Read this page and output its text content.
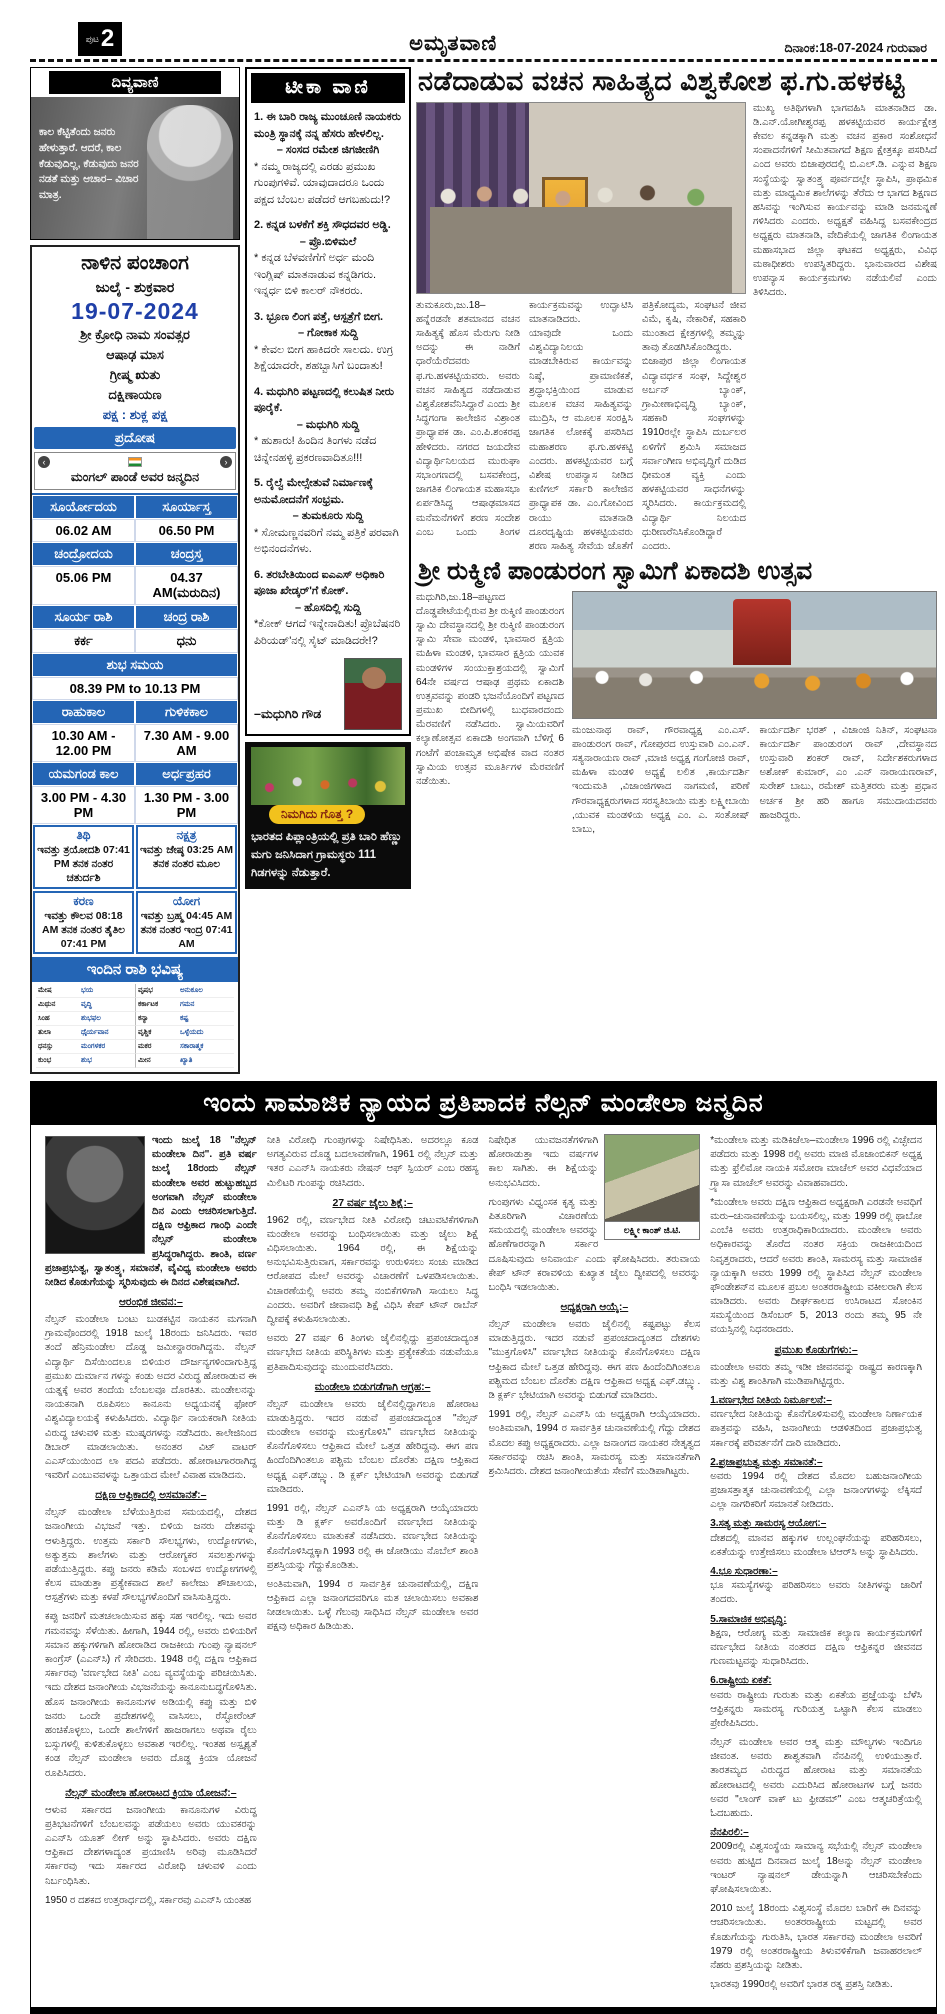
ಪುಟ 2	ಅಮೃತವಾಣಿ	ದಿನಾಂಕ:18-07-2024 ಗುರುವಾರ
ದಿವ್ಯವಾಣಿ
ಕಾಲ ಕೆಟ್ಟಿತೆಂದು ಜನರು ಹೇಳುತ್ತಾರೆ. ಆದರೆ, ಕಾಲ ಕೆಡುವುದಿಲ್ಲ, ಕೆಡುವುದು ಜನರ ನಡತೆ ಮತ್ತು ಆಚಾರ– ವಿಚಾರ ಮಾತ್ರ.
ನಾಳಿನ ಪಂಚಾಂಗ
ಜುಲೈ - ಶುಕ್ರವಾರ
19-07-2024
ಶ್ರೀ ಕ್ರೋಧಿ ನಾಮ ಸಂವತ್ಸರ
ಆಷಾಢ ಮಾಸ
ಗ್ರೀಷ್ಮ ಋತು
ದಕ್ಷಿಣಾಯಣ
ಪಕ್ಷ : ಶುಕ್ಲ ಪಕ್ಷ
ಪ್ರದೋಷ
‹	›
ಮಂಗಲ್ ಪಾಂಡೆ ಅವರ ಜನ್ಮದಿನ
ಸೂರ್ಯೋದಯ	ಸೂರ್ಯಾಸ್ತ
06.02 AM	06.50 PM
ಚಂದ್ರೋದಯ	ಚಂದ್ರಸ್ತ
05.06 PM	04.37 AM(ಮರುದಿನ)
ಸೂರ್ಯ ರಾಶಿ	ಚಂದ್ರ ರಾಶಿ
ಕರ್ಕ	ಧನು
ಶುಭ ಸಮಯ
08.39 PM to 10.13 PM
ರಾಹುಕಾಲ	ಗುಳಿಕಕಾಲ
10.30 AM - 12.00 PM
7.30 AM - 9.00 AM
ಯಮಗಂಡ ಕಾಲ	ಅರ್ಧಪ್ರಹರ
3.00 PM - 4.30 PM
1.30 PM - 3.00 PM
ತಿಥಿ
ಇವತ್ತು ತ್ರಯೋದಶಿ 07:41 PM ತನಕ ನಂತರ ಚತುರ್ದಶಿ
ನಕ್ಷತ್ರ
ಇವತ್ತು ಜೇಷ್ಠ 03:25 AM ತನಕ ನಂತರ ಮೂಲ
ಕರಣ
ಇವತ್ತು ಕೌಲವ 08:18 AM ತನಕ ನಂತರ ತೈತಿಲ 07:41 PM
ಯೋಗ
ಇವತ್ತು ಬ್ರಹ್ಮ 04:45 AM ತನಕ ನಂತರ ಇಂದ್ರ 07:41 AM
ಇಂದಿನ ರಾಶಿ ಭವಿಷ್ಯ
ಮೇಷ	ಭಯ	ವೃಷಭ	ಅನುಕೂಲ
ಮಿಥುನ	ವೃದ್ಧಿ	ಕರ್ಕಾಟಕ	ಗಮನ
ಸಿಂಹ	ಶುಭಫಲ	ಕನ್ಯಾ	ಕಷ್ಟ
ತುಲಾ	ಧೈರ್ಯವಾನ	ವೃಶ್ಚಿಕ	ಒಳ್ಳೆಯದು
ಧನಸ್ಸು	ಮಂಗಳಕರ	ಮಕರ	ಸಕಾರಾತ್ಮಕ
ಕುಂಭ	ಶುಭ	ಮೀನ	ಖ್ಯಾತಿ
ಟೀಕಾ ವಾಣಿ
1. ಈ ಬಾರಿ ರಾಜ್ಯ ಮುಂಚೂಣಿ ನಾಯಕರು ಮಂತ್ರಿ ಸ್ಥಾನಕ್ಕೆ ನನ್ನ ಹೆಸರು ಹೇಳಲಿಲ್ಲ.
– ಸಂಸದ ರಮೇಶ ಜಿಗಜೀಣಿಗಿ
* ನಮ್ಮ ರಾಜ್ಯದಲ್ಲಿ ಎರಡು ಪ್ರಮುಖ ಗುಂಪುಗಳಿವೆ. ಯಾವುದಾದರೂ ಒಂದು ಪಕ್ಷದ ಬೆಂಬಲ ಪಡೆದರೆ ಆಗಬಹುದು!?
2. ಕನ್ನಡ ಬಳಕೆಗೆ ಶಕ್ತಿ ಸೌಧದವರ ಅಡ್ಡಿ.
– ಪ್ರೊ.ಬಿಳಿಮಲೆ
* ಕನ್ನಡ ಬೆಳವಣಿಗೆಗೆ ಅರ್ಧ ಮಂದಿ ಇಂಗ್ಲಿಷ್ ಮಾತನಾಡುವ ಕನ್ನಡಿಗರು. ಇನ್ನರ್ಧ ಬಿಳಿ ಕಾಲರ್ ನೌಕರರು.
3. ಭ್ರೂಣ ಲಿಂಗ ಪತ್ತೆ, ಆಸ್ಪತ್ರೆಗೆ ಬೀಗ.
– ಗೋಕಾಕ ಸುದ್ದಿ
* ಕೇವಲ ಬೀಗ ಹಾಕಿದರೇ ಸಾಲದು. ಉಗ್ರ ಶಿಕ್ಷೆಯಾದರೇ, ಶಹಬ್ಬಾಸಿಗೆ ಬಂದಾತು!
4. ಮಧುಗಿರಿ ಪಟ್ಟಣದಲ್ಲಿ ಕಲುಷಿತ ನೀರು ಪೂರೈಕೆ.
– ಮಧುಗಿರಿ ಸುದ್ದಿ
* ಹುಶಾರು! ಹಿಂದಿನ ತಿಂಗಳು ನಡೆದ ಚಿನ್ನೇನಹಳ್ಳಿ ಪ್ರಕರಣವಾದಿತೂ!!!
5. ರೈಲ್ವೆ ಮೇಲ್ಸೇತುವೆ ನಿರ್ಮಾಣಕ್ಕೆ ಅನುಮೋದನೆಗೆ ಸಂಭ್ರಮ.
– ತುಮಕೂರು ಸುದ್ದಿ
* ಸೋಮಣ್ಣನವರಿಗೆ ನಮ್ಮ ಪತ್ರಿಕೆ ಪರವಾಗಿ ಅಭಿನಂದನೆಗಳು.
6. ತರಬೇತಿಯಿಂದ ಐಎಎಸ್ ಅಧಿಕಾರಿ ಪೂಜಾ ಖೇಡ್ಕರ್'ಗೆ ಕೋಕ್.
– ಹೊಸದಿಲ್ಲಿ ಸುದ್ದಿ
*ಕೋಕ್ ಆಗದೆ ಇನ್ನೇನಾದಿತು! ಪ್ರೊಬೆಷನರಿ ಪಿರಿಯಡ್'ನಲ್ಲಿ ಸೈಟ್ ಮಾಡಿದರೇ!?
–ಮಧುಗಿರಿ ಗೌಡ
ನಿಮಗಿದು ಗೊತ್ತ ?
ಭಾರತದ ಪಿಪ್ಲಾಂತ್ರಿಯಲ್ಲಿ ಪ್ರತಿ ಬಾರಿ ಹೆಣ್ಣು ಮಗು ಜನಿಸಿದಾಗ ಗ್ರಾಮಸ್ಥರು 111 ಗಿಡಗಳನ್ನು ನೆಡುತ್ತಾರೆ.
ನಡೆದಾಡುವ ವಚನ ಸಾಹಿತ್ಯದ ವಿಶ್ವಕೋಶ ಫ.ಗು.ಹಳಕಟ್ಟಿ

ತುಮಕೂರು,ಜು.18– ಹನ್ನೆರಡನೇ ಶತಮಾನದ ವಚನ ಸಾಹಿತ್ಯಕ್ಕೆ ಹೊಸ ಮೆರುಗು ನೀಡಿ ಅದನ್ನು ಈ ನಾಡಿಗೆ ಧಾರೆಯೆರೆದವರು ಫ.ಗು.ಹಳಕಟ್ಟಿಯವರು. ಅವರು ವಚನ ಸಾಹಿತ್ಯದ ನಡೆದಾಡುವ ವಿಶ್ವಕೋಶವೆನಿಸಿದ್ದಾರೆ ಎಂದು ಶ್ರೀ ಸಿದ್ಧಗಂಗಾ ಕಾಲೇಜಿನ ವಿಶ್ರಾಂತ ಪ್ರಾಧ್ಯಾಪಕ ಡಾ. ಎಂ.ಪಿ.ಶಂಕರಪ್ಪ ಹೇಳಿದರು. ನಗರದ ಜಯದೇವ ವಿದ್ಯಾರ್ಥಿನಿಲಯದ ಮುರುಘಾ ಸಭಾಂಗಣದಲ್ಲಿ ಬಸವಕೇಂದ್ರ, ಜಾಗತಿಕ ಲಿಂಗಾಯತ ಮಹಾಸಭಾ ಏರ್ಪಡಿಸಿದ್ದ ಆಷಾಢಮಾಸದ ಮನೆಮನೆಗಳಿಗೆ ಶರಣ ಸಂದೇಶ ಎಂಬ ಒಂದು ತಿಂಗಳ ಕಾರ್ಯಕ್ರಮವನ್ನು ಉದ್ಘಾಟಿಸಿ ಮಾತನಾಡಿದರು.

ಯಾವುದೇ ಒಂದು ವಿಶ್ವವಿದ್ಯಾನಿಲಯ ಮಾಡಬೇಕಿರುವ ಕಾರ್ಯವನ್ನು ನಿಷ್ಠೆ, ಪ್ರಾಮಾಣಿಕತೆ, ಶ್ರದ್ಧಾಭಕ್ತಿಯಿಂದ ಮಾಡುವ ಮೂಲಕ ವಚನ ಸಾಹಿತ್ಯವನ್ನು ಮುದ್ರಿಸಿ, ಆ ಮೂಲಕ ಸಂರಕ್ಷಿಸಿ ಜಾಗತಿಕ ಲೋಕಕ್ಕೆ ಪಸರಿಸಿದ ಮಹಾಶರಣ ಫ.ಗು.ಹಳಕಟ್ಟಿ ಎಂದರು. ಹಳಕಟ್ಟಿಯವರ ಬಗ್ಗೆ ವಿಶೇಷ ಉಪನ್ಯಾಸ ನೀಡಿದ ಕುಣಿಗಲ್ ಸರ್ಕಾರಿ ಕಾಲೇಜಿನ ಪ್ರಾಧ್ಯಾಪಕ ಡಾ. ಎಂ.ಗೋವಿಂದ ರಾಯು ಮಾತನಾಡಿ ದೂರದೃಷ್ಟಿಯ ಹಳಕಟ್ಟಿಯವರು ಶರಣ ಸಾಹಿತ್ಯ ಸೇವೆಯ ಜೊತೆಗೆ ಪತ್ರಿಕೋದ್ಯಮ, ಸಂಘಟನೆ ಜೀವ ವಿಮೆ, ಕೃಷಿ, ನೇಕಾರಿಕೆ, ಸಹಕಾರಿ ಮುಂತಾದ ಕ್ಷೇತ್ರಗಳಲ್ಲಿ ತಮ್ಮನ್ನು ತಾವು ತೊಡಗಿಸಿಕೊಂಡಿದ್ದರು.

ಬಿಜಾಪುರ ಜಿಲ್ಲಾ ಲಿಂಗಾಯತ ವಿದ್ಯಾವರ್ಧಕ ಸಂಘ, ಸಿದ್ದೇಶ್ವರ ಅರ್ಬನ್ ಬ್ಯಾಂಕ್, ಗ್ರಾಮೀಣಾಭಿವೃದ್ಧಿ ಬ್ಯಾಂಕ್, ಸಹಕಾರಿ ಸಂಘಗಳನ್ನು 1910ರಲ್ಲೇ ಸ್ಥಾಪಿಸಿ ದುರ್ಬಲರ ಏಳಿಗೆಗೆ ಶ್ರಮಿಸಿ ಸಮಾಜದ ಸರ್ವಾಂಗೀಣ ಅಭಿವೃದ್ಧಿಗೆ ದುಡಿದ ಧೀಮಂತ ವ್ಯಕ್ತಿ ಎಂದು ಹಳಕಟ್ಟಿಯವರ ಸಾಧನೆಗಳನ್ನು ಸ್ಮರಿಸಿದರು. ಕಾರ್ಯಕ್ರಮದಲ್ಲಿ ವಿದ್ಯಾರ್ಥಿ ನಿಲಯದ ಧುರೀಣರೆನಿಸಿಕೊಂಡಿದ್ದಾರೆ ಎಂದರು.

ಮುಖ್ಯ ಅತಿಥಿಗಳಾಗಿ ಭಾಗವಹಿಸಿ ಮಾತನಾಡಿದ ಡಾ. ಡಿ.ಎನ್.ಯೋಗೀಶ್ವರಪ್ಪ ಹಳಕಟ್ಟಿಯವರ ಕಾರ್ಯಕ್ಷೇತ್ರ ಕೇವಲ ಕನ್ನಡಕ್ಕಾಗಿ ಮತ್ತು ವಚನ ಪ್ರಕಾರ ಸಂಶೋಧನೆ ಸಂಪಾದನೆಗಳಿಗೆ ಸೀಮಿತವಾಗದೆ ಶಿಕ್ಷಣ ಕ್ಷೇತ್ರಕ್ಕೂ ಪಸರಿಸಿದೆ ಎಂದ ಅವರು ಬಿಜಾಪುರದಲ್ಲಿ ಬಿ.ಎಲ್.ಡಿ. ಎನ್ನುವ ಶಿಕ್ಷಣ ಸಂಸ್ಥೆಯನ್ನು ಸ್ವಾತಂತ್ರ್ಯ ಪೂರ್ವದಲ್ಲೇ ಸ್ಥಾಪಿಸಿ, ಪ್ರಾಥಮಿಕ ಮತ್ತು ಮಾಧ್ಯಮಿಕ ಶಾಲೆಗಳನ್ನು ತೆರೆದು ಆ ಭಾಗದ ಶಿಕ್ಷಣದ ಹಸಿವನ್ನು ಇಂಗಿಸುವ ಕಾರ್ಯವನ್ನು ಮಾಡಿ ಜನಮನ್ನಣೆ ಗಳಿಸಿದರು ಎಂದರು. ಅಧ್ಯಕ್ಷತೆ ವಹಿಸಿದ್ದ ಬಸವಕೇಂದ್ರದ ಅಧ್ಯಕ್ಷರು ಮಾತನಾಡಿ, ವೇದಿಕೆಯಲ್ಲಿ ಜಾಗತಿಕ ಲಿಂಗಾಯತ ಮಹಾಸಭಾದ ಜಿಲ್ಲಾ ಘಟಕದ ಅಧ್ಯಕ್ಷರು, ವಿವಿಧ ಮಠಾಧೀಶರು ಉಪಸ್ಥಿತರಿದ್ದರು. ಭಾನುವಾರದ ವಿಶೇಷ ಉಪನ್ಯಾಸ ಕಾರ್ಯಕ್ರಮಗಳು ನಡೆಯಲಿವೆ ಎಂದು ತಿಳಿಸಿದರು.

ಶ್ರೀ ರುಕ್ಮಿಣಿ ಪಾಂಡುರಂಗ ಸ್ವಾಮಿಗೆ ಏಕಾದಶಿ ಉತ್ಸವ

ಮಧುಗಿರಿ,ಜು.18–ಪಟ್ಟಣದ ದೊಡ್ಡಪೇಟೆಯಲ್ಲಿರುವ ಶ್ರೀ ರುಕ್ಮಿಣಿ ಪಾಂಡುರಂಗ ಸ್ವಾಮಿ ದೇವಸ್ಥಾನದಲ್ಲಿ ಶ್ರೀ ರುಕ್ಮಿಣಿ ಪಾಂಡುರಂಗ ಸ್ವಾಮಿ ಸೇವಾ ಮಂಡಳಿ, ಭಾವಸಾರ ಕ್ಷತ್ರಿಯ ಮಹಿಳಾ ಮಂಡಳಿ, ಭಾವಸಾರ ಕ್ಷತ್ರಿಯ ಯುವಕ ಮಂಡಳಿಗಳ ಸಂಯುಕ್ತಾಶ್ರಯದಲ್ಲಿ ಸ್ವಾಮಿಗೆ 64ನೇ ವರ್ಷದ ಆಷಾಢ ಪ್ರಥಮ ಏಕಾದಶಿ ಉತ್ಸವವನ್ನು ಪಂಡರಿ ಭಜನೆಯೊಂದಿಗೆ ಪಟ್ಟಣದ ಪ್ರಮುಖ ಬೀದಿಗಳಲ್ಲಿ ಬುಧವಾರದಂದು ಮೆರವಣಿಗೆ ನಡೆಸಿದರು. ಸ್ವಾಮಿಯವರಿಗೆ ಕಲ್ಯಾಣೋತ್ಸವ ಏಕಾದಶಿ ಅಂಗವಾಗಿ ಬೆಳಿಗ್ಗೆ 6 ಗಂಟೆಗೆ ಪಂಚಾಮೃತ ಅಭಿಷೇಕ ವಾದ ನಂತರ ಸ್ವಾಮಿಯ ಉತ್ಸವ ಮೂರ್ತಿಗಳ ಮೆರವಣಿಗೆ ನಡೆಯಿತು.

ಮಂಜುನಾಥ ರಾವ್, ಗೌರವಾಧ್ಯಕ್ಷ ಎಂ.ಎಸ್. ಪಾಂಡುರಂಗ ರಾವ್, ಗೋಪುರದ ಉಸ್ತುವಾರಿ ಎಂ.ಎನ್. ಸತ್ಯನಾರಾಯಣ ರಾವ್ ,ಮಾಜಿ ಅಧ್ಯಕ್ಷ ಗಂಗೋಜಿ ರಾವ್, ಮಹಿಳಾ ಮಂಡಳಿ ಅಧ್ಯಕ್ಷೆ ಲಲಿತ ,ಕಾರ್ಯದರ್ಶಿ ಇಂದುಮತಿ ,ವಿಜಾಂಜಿಗಳಾದ ನಾಗಮಣಿ, ಪರಿಣೆ ಗೌರವಾಧ್ಯಕ್ಷರುಗಳಾದ ಸರಸ್ವತಿಬಾಯಿ ಮತ್ತು ಲಕ್ಷ್ಮೀಬಾಯಿ ,ಯುವಕ ಮಂಡಳಿಯ ಅಧ್ಯಕ್ಷ ಎಂ. ಎ. ಸಂತೋಷ್ ಬಾಬು,

ಕಾರ್ಯದರ್ಶಿ ಭರತ್ , ವಿಜಾಂಜಿ ನಿತಿನ್, ಸಂಘಟನಾ ಕಾರ್ಯದರ್ಶಿ ಪಾಂಡುರಂಗ ರಾವ್ ,ದೇವಸ್ಥಾನದ ಉಸ್ತುವಾರಿ ಶಂಕರ್ ರಾವ್, ನಿರ್ದೇಶಕರುಗಳಾದ ಅಶೋಕ್ ಕುಮಾರ್, ಎಂ .ಎನ್ ನಾರಾಯಣರಾವ್, ಸುರೇಶ್ ಬಾಬು, ರಮೇಶ್ ಮತ್ತಿತರರು ಮತ್ತು ಪ್ರಧಾನ ಅರ್ಚಕ ಶ್ರೀ ಹರಿ ಹಾಗೂ ಸಮುದಾಯದವರು ಹಾಜರಿದ್ದರು.

ಇಂದು ಸಾಮಾಜಿಕ ನ್ಯಾಯದ ಪ್ರತಿಪಾದಕ ನೆಲ್ಸನ್ ಮಂಡೇಲಾ ಜನ್ಮದಿನ

ಇಂದು ಜುಲೈ 18 "ನೆಲ್ಸನ್ ಮಂಡೇಲಾ ದಿನ". ಪ್ರತಿ ವರ್ಷ ಜುಲೈ 18ರಂದು ನೆಲ್ಸನ್ ಮಂಡೇಲಾ ಅವರ ಹುಟ್ಟುಹಬ್ಬದ ಅಂಗವಾಗಿ ನೆಲ್ಸನ್ ಮಂಡೇಲಾ ದಿನ ಎಂದು ಆಚರಿಸಲಾಗುತ್ತಿದೆ. ದಕ್ಷಿಣ ಆಫ್ರಿಕಾದ ಗಾಂಧಿ ಎಂದೇ ನೆಲ್ಸನ್ ಮಂಡೇಲಾ ಪ್ರಸಿದ್ಧರಾಗಿದ್ದರು. ಶಾಂತಿ, ವರ್ಣ ಪ್ರಜಾಪ್ರಭುತ್ವ, ಸ್ವಾತಂತ್ರ್ಯ, ಸಮಾನತೆ, ವೈವಿಧ್ಯ ಮಂಡೇಲಾ ಅವರು ನೀಡಿದ ಕೊಡುಗೆಯನ್ನು ಸ್ಮರಿಸುವುದು ಈ ದಿನದ ವಿಶೇಷವಾಗಿದೆ.

ಆರಂಭಿಕ ಜೀವನ:–

ನೆಲ್ಸನ್ ಮಂಡೇಲಾ ಬಂಟು ಬುಡಕಟ್ಟಿನ ನಾಯಕನ ಮಗನಾಗಿ ಗ್ರಾಮವೊಂದರಲ್ಲಿ 1918 ಜುಲೈ 18ರಂದು ಜನಿಸಿದರು. ಇವರ ತಂದೆ ಹೆನ್ರಿಮಂಡೇಲ ದೊಡ್ಡ ಜಮೀನ್ದಾರರಾಗಿದ್ದನು. ನೆಲ್ಸನ್ ವಿದ್ಯಾರ್ಥಿ ದಿಸೆಯಿಂದಲೂ ಬಿಳಿಯರ ದೌರ್ಜನ್ಯಗಳಿಂದಾಗುತ್ತಿದ್ದ ಪ್ರಮುಖ ದುರ್ಮಾನ ಗಳನ್ನು ಕಂಡು ಅದರ ವಿರುದ್ಧ ಹೋರಾಡುವ ಈ ಯತ್ನಕ್ಕೆ ಅವರ ತಂದೆಯ ಬೆಂಬಲವೂ ದೊರಕಿತು. ಮಂಡೇಲನನ್ನು ನಾಯಕನಾಗಿ ರೂಪಿಸಲು ಕಾನೂನು ಅಧ್ಯಯನಕ್ಕೆ ಫೋರ್ ವಿಶ್ವವಿದ್ಯಾಲಯಕ್ಕೆ ಕಳುಹಿಸಿದರು. ವಿದ್ಯಾರ್ಥಿ ನಾಯಕರಾಗಿ ನೀತಿಯ ವಿರುದ್ಧ ಚಳುವಳಿ ಮತ್ತು ಮುಷ್ಕರಗಳನ್ನು ನಡೆಸಿದರು. ಕಾಲೇಜಿನಿಂದ ಡಿಬಾರ್ ಮಾಡಲಾಯಿತು. ಅನಂತರ ವಿಟ್ ವಾಟರ್ ಎಎಸ್‌ಯುಯಿಂದ ಲಾ ಪದವಿ ಪಡೆದರು. ಹೋರಾಟಗಾರರಾಗಿದ್ದ ಇವರಿಗೆ ಎಂಬುವವಳನ್ನು ಒತ್ತಾಯದ ಮೇಲೆ ವಿವಾಹ ಮಾಡಿದನು.

ದಕ್ಷಿಣ ಆಫ್ರಿಕಾದಲ್ಲಿ ಅಸಮಾನತೆ:–

ನೆಲ್ಸನ್ ಮಂಡೇಲಾ ಬೆಳೆಯುತ್ತಿರುವ ಸಮಯದಲ್ಲಿ, ದೇಶದ ಜನಾಂಗೀಯ ವಿಭಜನೆ ಇತ್ತು. ಬಿಳಿಯ ಜನರು ದೇಶವನ್ನು ಆಳುತ್ತಿದ್ದರು. ಉತ್ತಮ ಸರ್ಕಾರಿ ಸೌಲಭ್ಯಗಳು, ಉದ್ಯೋಗಗಳು, ಅತ್ಯುತ್ತಮ ಶಾಲೆಗಳು ಮತ್ತು ಆರೋಗ್ಯಕರ ಸವಲತ್ತುಗಳನ್ನು ಪಡೆಯುತ್ತಿದ್ದರು. ಕಪ್ಪು ಜನರು ಕಡಿಮೆ ಸಂಬಳದ ಉದ್ಯೋಗಗಳಲ್ಲಿ ಕೆಲಸ ಮಾಡುತ್ತಾ ಪ್ರತ್ಯೇಕವಾದ ಶಾಲೆ ಕಾಲೇಜು ಶೌಚಾಲಯ, ಆಸ್ಪತ್ರೆಗಳು ಮತ್ತು ಕಳಪೆ ಸೌಲಭ್ಯಗಳೊಂದಿಗೆ ವಾಸಿಸುತ್ತಿದ್ದರು.

ಕಪ್ಪು ಜನರಿಗೆ ಮತಚಲಾಯಿಸುವ ಹಕ್ಕು ಸಹ ಇರಲಿಲ್ಲ. ಇದು ಅವರ ಗಮನವನ್ನು ಸೆಳೆಯಿತು. ಹೀಗಾಗಿ, 1944 ರಲ್ಲಿ, ಅವರು ಬಿಳಿಯರಿಗೆ ಸಮಾನ ಹಕ್ಕುಗಳಿಗಾಗಿ ಹೋರಾಡಿದ ರಾಜಕೀಯ ಗುಂಪು ನ್ಯಾಷನಲ್ ಕಾಂಗ್ರೆಸ್ (ಎಎನ್‌ಸಿ) ಗೆ ಸೇರಿದರು. 1948 ರಲ್ಲಿ ದಕ್ಷಿಣ ಆಫ್ರಿಕಾದ ಸರ್ಕಾರವು 'ವರ್ಣಭೇದ ನೀತಿ' ಎಂಬ ವ್ಯವಸ್ಥೆಯನ್ನು ಪರಿಚಯಿಸಿತು. ಇದು ದೇಶದ ಜನಾಂಗೀಯ ವಿಭಜನೆಯನ್ನು ಕಾನೂನುಬದ್ಧಗೊಳಿಸಿತು. ಹೊಸ ಜನಾಂಗೀಯ ಕಾನೂನುಗಳ ಅಡಿಯಲ್ಲಿ ಕಪ್ಪು ಮತ್ತು ಬಿಳಿ ಜನರು ಒಂದೇ ಪ್ರದೇಶಗಳಲ್ಲಿ ವಾಸಿಸಲು, ರೆಸ್ಟೋರೆಂಟ್ ಹಂಚಿಕೊಳ್ಳಲು, ಒಂದೇ ಶಾಲೆಗಳಿಗೆ ಹಾಜರಾಗಲು ಅಥವಾ ರೈಲು ಬಸ್ಸುಗಳಲ್ಲಿ ಕುಳಿತುಕೊಳ್ಳಲು ಅವಕಾಶ ಇರಲಿಲ್ಲ. ಇಂತಹ ಅಸ್ಪೃಶ್ಯತೆ ಕಂಡ ನೆಲ್ಸನ್ ಮಂಡೇಲಾ ಅವರು ದೊಡ್ಡ ಕ್ರಿಯಾ ಯೋಜನೆ ರೂಪಿಸಿದರು.

ನೆಲ್ಸನ್ ಮಂಡೇಲಾ ಹೋರಾಟದ ಕ್ರಿಯಾ ಯೋಜನೆ:–

ಆಳುವ ಸರ್ಕಾರದ ಜನಾಂಗೀಯ ಕಾನೂನುಗಳ ವಿರುದ್ಧ ಪ್ರತಿಭಟನೆಗಳಿಗೆ ಬೆಂಬಲವನ್ನು ಪಡೆಯಲು ಅವರು ಯುವಕರನ್ನು ಎಎನ್‌ಸಿ ಯೂತ್ ಲೀಗ್ ಅನ್ನು ಸ್ಥಾಪಿಸಿದರು. ಅವರು ದಕ್ಷಿಣ ಆಫ್ರಿಕಾದ ದೇಶಗಳಾದ್ಯಂತ ಪ್ರಯಾಣಿಸಿ ಅರಿವು ಮೂಡಿಸಿದರೆ ಸರ್ಕಾರವು ಇದು ಸರ್ಕಾರದ ವಿರೋಧಿ ಚಳುವಳಿ ಎಂದು ನಿರ್ಬಂಧಿಸಿತು.

1950 ರ ದಶಕದ ಉತ್ತರಾರ್ಧದಲ್ಲಿ, ಸರ್ಕಾರವು ಎಎನ್‌ಸಿ ಯಂತಹ

ನೀತಿ ವಿರೋಧಿ ಗುಂಪುಗಳನ್ನು ನಿಷೇಧಿಸಿತು. ಅದರಲ್ಲೂ ಕೂಡ ಅಗತ್ಯವಿರುವ ದೊಡ್ಡ ಬದಲಾವಣೆಗಾಗಿ, 1961 ರಲ್ಲಿ ನೆಲ್ಸನ್ ಮತ್ತು ಇತರ ಎಎನ್‌ಸಿ ನಾಯಕರು ನೇಷನ್ ಆಫ್ ಸ್ಪಿಯರ್ ಎಂಬ ರಹಸ್ಯ ಮಿಲಿಟರಿ ಗುಂಪನ್ನು ರಚಿಸಿದರು.

27 ವರ್ಷ ಜೈಲು ಶಿಕ್ಷೆ:–

1962 ರಲ್ಲಿ, ವರ್ಣಭೇದ ನೀತಿ ವಿರೋಧಿ ಚಟುವಟಿಕೆಗಳಿಗಾಗಿ ಮಂಡೇಲಾ ಅವರನ್ನು ಬಂಧಿಸಲಾಯಿತು ಮತ್ತು ಜೈಲು ಶಿಕ್ಷೆ ವಿಧಿಸಲಾಯಿತು. 1964 ರಲ್ಲಿ, ಈ ಶಿಕ್ಷೆಯನ್ನು ಅನುಭವಿಸುತ್ತಿರುವಾಗ, ಸರ್ಕಾರವನ್ನು ಉರುಳಿಸಲು ಸಂಚು ಮಾಡಿದ ಆರೋಪದ ಮೇಲೆ ಅವರನ್ನು ವಿಚಾರಣೆಗೆ ಒಳಪಡಿಸಲಾಯಿತು. ವಿಚಾರಣೆಯಲ್ಲಿ ಅವರು ತಮ್ಮ ನಂಬಿಕೆಗಳಿಗಾಗಿ ಸಾಯಲು ಸಿದ್ಧ ಎಂದರು. ಅವರಿಗೆ ಜೀವಾವಧಿ ಶಿಕ್ಷೆ ವಿಧಿಸಿ ಕೇಪ್ ಟೌನ್ ರಾಬೆನ್ ದ್ವೀಪಕ್ಕೆ ಕಳುಹಿಸಲಾಯಿತು.

ಅವರು 27 ವರ್ಷ 6 ತಿಂಗಳು ಜೈಲಿನಲ್ಲಿದ್ದು ಪ್ರಪಂಚದಾದ್ಯಂತ ವರ್ಣಭೇದ ನೀತಿಯ ಪರಿಸ್ಥಿತಿಗಳು ಮತ್ತು ಪ್ರತ್ಯೇಕತೆಯ ನಡುವೆಯೂ ಪ್ರತಿಪಾದಿಸುವುದನ್ನು ಮುಂದುವರೆಸಿದರು.

ಮಂಡೇಲಾ ಬಿಡುಗಡೆಗಾಗಿ ಆಗ್ರಹ:–

ನೆಲ್ಸನ್ ಮಂಡೇಲಾ ಅವರು ಜೈಲಿನಲ್ಲಿದ್ದಾಗಲೂ ಹೋರಾಟ ಮಾಡುತ್ತಿದ್ದರು. ಇದರ ನಡುವೆ ಪ್ರಪಂಚದಾದ್ಯಂತ "ನೆಲ್ಸನ್ ಮಂಡೇಲಾ ಅವರನ್ನು ಮುಕ್ತಗೊಳಿಸಿ" ವರ್ಣಭೇದ ನೀತಿಯನ್ನು ಕೊನೆಗೊಳಿಸಲು ಆಫ್ರಿಕಾದ ಮೇಲೆ ಒತ್ತಡ ಹೇರಿದ್ದವು. ಈಗ ಪಣ ಹಿಂದೆಂದಿಗಿಂತಲೂ ಪಶ್ಚಿಮ ಬೆಂಬಲ ದೊರೆತು ದಕ್ಷಿಣ ಆಫ್ರಿಕಾದ ಅಧ್ಯಕ್ಷ ಎಫ್.ಡಬ್ಲ್ಯು. ಡಿ ಕ್ಲರ್ಕ್ ಭೇಟಿಯಾಗಿ ಅವರನ್ನು ಬಿಡುಗಡೆ ಮಾಡಿದರು.

1991 ರಲ್ಲಿ, ನೆಲ್ಸನ್ ಎಎನ್‌ಸಿ ಯ ಅಧ್ಯಕ್ಷರಾಗಿ ಆಯ್ಕೆಯಾದರು ಮತ್ತು ಡಿ ಕ್ಲರ್ಕ್ ಅವರೊಂದಿಗೆ ವರ್ಣಭೇದ ನೀತಿಯನ್ನು ಕೊನೆಗೊಳಿಸಲು ಮಾತುಕತೆ ನಡೆಸಿದರು. ವರ್ಣಭೇದ ನೀತಿಯನ್ನು ಕೊನೆಗೊಳಿಸಿದ್ದಕ್ಕಾಗಿ 1993 ರಲ್ಲಿ ಈ ಜೋಡಿಯು ನೊಬೆಲ್ ಶಾಂತಿ ಪ್ರಶಸ್ತಿಯನ್ನು ಗೆದ್ದುಕೊಂಡಿತು.

ಅಂತಿಮವಾಗಿ, 1994 ರ ಸಾರ್ವತ್ರಿಕ ಚುನಾವಣೆಯಲ್ಲಿ, ದಕ್ಷಿಣ ಆಫ್ರಿಕಾದ ಎಲ್ಲಾ ಜನಾಂಗದವರಿಗೂ ಮತ ಚಲಾಯಿಸಲು ಅವಕಾಶ ನೀಡಲಾಯಿತು. ಒಳ್ಳೆ ಗೆಲುವು ಸಾಧಿಸಿದ ನೆಲ್ಸನ್ ಮಂಡೇಲಾ ಅವರ ಪಕ್ಷವು ಅಧಿಕಾರ ಹಿಡಿಯಿತು.

ಲಕ್ಷ್ಮೀ ಕಾಂತ್ ಜಿ.ಟಿ.

ನಿಷೇಧಿತ ಯುವಜನತೆಗಳಿಗಾಗಿ ಹೋರಾಡುತ್ತಾ ಇದು ವರ್ಷಗಳ ಕಾಲ ಸಾಗಿತು. ಈ ಶಿಕ್ಷೆಯನ್ನು ಅನುಭವಿಸಿದರು.

ಗುಂಪುಗಳು ವಿಧ್ವಂಸಕ ಕೃತ್ಯ ಮತ್ತು ಪಿತೂರಿಗಾಗಿ ವಿಚಾರಣೆಯ ಸಮಯದಲ್ಲಿ ಮಂಡೇಲಾ ಅವರನ್ನು ಹೊಣೆಗಾರರನ್ನಾಗಿ ಸರ್ಕಾರ ದೂಷಿಸುವುದು ಅನಿವಾರ್ಯ ಎಂದು ಘೋಷಿಸಿದರು. ತರುವಾಯ ಕೇಪ್ ಟೌನ್ ಕರಾವಳಿಯ ಕುಖ್ಯಾತ ಜೈಲು ದ್ವೀಪದಲ್ಲಿ ಅವರನ್ನು ಬಂಧಿಸಿ ಇಡಲಾಯಿತು.

ಅಧ್ಯಕ್ಷರಾಗಿ ಆಯ್ಕೆ:–

ನೆಲ್ಸನ್ ಮಂಡೇಲಾ ಅವರು ಜೈಲಿನಲ್ಲಿ ಕಷ್ಟಪಟ್ಟು ಕೆಲಸ ಮಾಡುತ್ತಿದ್ದರು. ಇದರ ನಡುವೆ ಪ್ರಪಂಚದಾದ್ಯಂತದ ದೇಶಗಳು "ಮುಕ್ತಗೊಳಿಸಿ" ವರ್ಣಭೇದ ನೀತಿಯನ್ನು ಕೊನೆಗೊಳಿಸಲು ದಕ್ಷಿಣ ಆಫ್ರಿಕಾದ ಮೇಲೆ ಒತ್ತಡ ಹೇರಿದ್ದವು. ಈಗ ಪಣ ಹಿಂದೆಂದಿಗಿಂತಲೂ ಪಶ್ಚಿಮದ ಬೆಂಬಲ ದೊರೆತು ದಕ್ಷಿಣ ಆಫ್ರಿಕಾದ ಅಧ್ಯಕ್ಷ ಎಫ್.ಡಬ್ಲ್ಯು. ಡಿ ಕ್ಲರ್ಕ್ ಭೇಟಿಯಾಗಿ ಅವರನ್ನು ಬಿಡುಗಡೆ ಮಾಡಿದರು.

1991 ರಲ್ಲಿ, ನೆಲ್ಸನ್ ಎಎನ್‌ಸಿ ಯ ಅಧ್ಯಕ್ಷರಾಗಿ ಆಯ್ಕೆಯಾದರು. ಅಂತಿಮವಾಗಿ, 1994 ರ ಸಾರ್ವತ್ರಿಕ ಚುನಾವಣೆಯಲ್ಲಿ ಗೆದ್ದು ದೇಶದ ಮೊದಲ ಕಪ್ಪು ಅಧ್ಯಕ್ಷರಾದರು. ಎಲ್ಲಾ ಜನಾಂಗದ ನಾಯಕರ ನೇತೃತ್ವದ ಸರ್ಕಾರವನ್ನು ರಚಿಸಿ ಶಾಂತಿ, ಸಾಮರಸ್ಯ ಮತ್ತು ಸಮಾನತೆಗಾಗಿ ಶ್ರಮಿಸಿದರು. ದೇಶದ ಜನಾಂಗೀಯತೆಯ ಸೇವೆಗೆ ಮುಡಿಪಾಗಿಟ್ಟರು.

*ಮಂಡೇಲಾ ಮತ್ತು ಮಡಿಕಿಜೆಲಾ–ಮಂಡೇಲಾ 1996 ರಲ್ಲಿ ವಿಚ್ಛೇದನ ಪಡೆದರು ಮತ್ತು 1998 ರಲ್ಲಿ ಅವರು ಮಾಜಿ ಮೊಜಾಂಬಿಕನ್ ಅಧ್ಯಕ್ಷ ಮತ್ತು ಫ್ರೆಲಿಮೋ ನಾಯಕಿ ಸಮೋರಾ ಮಾಚೆಲ್ ಅವರ ವಿಧವೆಯಾದ ಗ್ರ್ಯಾಸಾ ಮಾಚೆಲ್ ಅವರನ್ನು ವಿವಾಹವಾದರು.

*ಮಂಡೇಲಾ ಅವರು ದಕ್ಷಿಣ ಆಫ್ರಿಕಾದ ಅಧ್ಯಕ್ಷರಾಗಿ ಎರಡನೇ ಅವಧಿಗೆ ಮರು–ಚುನಾವಣೆಯನ್ನು ಬಯಸಲಿಲ್ಲ, ಮತ್ತು 1999 ರಲ್ಲಿ ಥಾಬೋ ಎಂಬೆಕಿ ಅವರು ಉತ್ತರಾಧಿಕಾರಿಯಾದರು. ಮಂಡೇಲಾ ಅವರು ಅಧಿಕಾರವನ್ನು ತೊರೆದ ನಂತರ ಸಕ್ರಿಯ ರಾಜಕೀಯದಿಂದ ನಿವೃತ್ತರಾದರು, ಆದರೆ ಅವರು ಶಾಂತಿ, ಸಾಮರಸ್ಯ ಮತ್ತು ಸಾಮಾಜಿಕ ನ್ಯಾಯಕ್ಕಾಗಿ ಅವರು 1999 ರಲ್ಲಿ ಸ್ಥಾಪಿಸಿದ ನೆಲ್ಸನ್ ಮಂಡೇಲಾ ಫೌಂಡೇಶನ್‌ನ ಮೂಲಕ ಪ್ರಬಲ ಅಂತರರಾಷ್ಟ್ರೀಯ ವಕೀಲರಾಗಿ ಕೆಲಸ ಮಾಡಿದರು. ಅವರು ದೀರ್ಘಕಾಲದ ಉಸಿರಾಟದ ಸೋಂಕಿನ ಸಮಸ್ಯೆಯಿಂದ ಡಿಸೆಂಬರ್ 5, 2013 ರಂದು ತಮ್ಮ 95 ನೇ ವಯಸ್ಸಿನಲ್ಲಿ ನಿಧನರಾದರು.

ಪ್ರಮುಖ ಕೊಡುಗೆಗಳು:–

ಮಂಡೇಲಾ ಅವರು ತಮ್ಮ ಇಡೀ ಜೀವನವನ್ನು ರಾಷ್ಟ್ರದ ಕಾರಣಕ್ಕಾಗಿ ಮತ್ತು ವಿಶ್ವ ಶಾಂತಿಗಾಗಿ ಮುಡಿಪಾಗಿಟ್ಟಿದ್ದರು.

1.ವರ್ಣಭೇದ ನೀತಿಯ ನಿರ್ಮೂಲನೆ:–

ವರ್ಣಭೇದ ನೀತಿಯನ್ನು ಕೊನೆಗೊಳಿಸುವಲ್ಲಿ ಮಂಡೇಲಾ ನಿರ್ಣಾಯಕ ಪಾತ್ರವನ್ನು ವಹಿಸಿ, ಜನಾಂಗೀಯ ಆಡಳಿತದಿಂದ ಪ್ರಜಾಪ್ರಭುತ್ವ ಸರ್ಕಾರಕ್ಕೆ ಪರಿವರ್ತನೆಗೆ ದಾರಿ ಮಾಡಿದರು.

2.ಪ್ರಜಾಪ್ರಭುತ್ವ ಮತ್ತು ಸಮಾನತೆ:–

ಅವರು 1994 ರಲ್ಲಿ ದೇಶದ ಮೊದಲ ಬಹುಜನಾಂಗೀಯ ಪ್ರಜಾಸತ್ತಾತ್ಮಕ ಚುನಾವಣೆಯಲ್ಲಿ ಎಲ್ಲಾ ಜನಾಂಗಗಳನ್ನು ಲೆಕ್ಕಿಸದೆ ಎಲ್ಲಾ ನಾಗರಿಕರಿಗೆ ಸಮಾನತೆ ನೀಡಿದರು.

3.ಸತ್ಯ ಮತ್ತು ಸಾಮರಸ್ಯ ಆಯೋಗ:–

ದೇಶದಲ್ಲಿ ಮಾನವ ಹಕ್ಕುಗಳ ಉಲ್ಲಂಘನೆಯನ್ನು ಪರಿಹರಿಸಲು, ಏಕತೆಯನ್ನು ಉತ್ತೇಜಿಸಲು ಮಂಡೇಲಾ ಟಿಆರ್‌ಸಿ ಅನ್ನು ಸ್ಥಾಪಿಸಿದರು.

4.ಭೂ ಸುಧಾರಣಾ:–

ಭೂ ಸಮಸ್ಯೆಗಳನ್ನು ಪರಿಹರಿಸಲು ಅವರು ನೀತಿಗಳನ್ನು ಜಾರಿಗೆ ತಂದರು.

5.ಸಾಮಾಜಿಕ ಅಭಿವೃದ್ಧಿ:

ಶಿಕ್ಷಣ, ಆರೋಗ್ಯ ಮತ್ತು ಸಾಮಾಜಿಕ ಕಲ್ಯಾಣ ಕಾರ್ಯಕ್ರಮಗಳಿಗೆ ವರ್ಣಭೇದ ನೀತಿಯ ನಂತರದ ದಕ್ಷಿಣ ಆಫ್ರಿಕನ್ನರ ಜೀವನದ ಗುಣಮಟ್ಟವನ್ನು ಸುಧಾರಿಸಿದರು.

6.ರಾಷ್ಟ್ರೀಯ ಏಕತೆ:

ಅವರು ರಾಷ್ಟ್ರೀಯ ಗುರುತು ಮತ್ತು ಏಕತೆಯ ಪ್ರಜ್ಞೆಯನ್ನು ಬೆಳೆಸಿ ಆಫ್ರಿಕನ್ನರು ಸಾಮರಸ್ಯ ಗುರಿಯತ್ತ ಒಟ್ಟಾಗಿ ಕೆಲಸ ಮಾಡಲು ಪ್ರೇರೇಪಿಸಿದರು.

ನೆಲ್ಸನ್ ಮಂಡೇಲಾ ಅವರ ಆತ್ಮ ಮತ್ತು ಮೌಲ್ಯಗಳು ಇಂದಿಗೂ ಜೀವಂತ. ಅವರು ಶಾಶ್ವತವಾಗಿ ನೆನಪಿನಲ್ಲಿ ಉಳಿಯುತ್ತಾರೆ. ತಾರತಮ್ಯದ ವಿರುದ್ಧದ ಹೋರಾಟ ಮತ್ತು ಸಮಾನತೆಯ ಹೋರಾಟದಲ್ಲಿ ಅವರು ಎದುರಿಸಿದ ಹೋರಾಟಗಳ ಬಗ್ಗೆ ಜನರು ಅವರ "ಲಾಂಗ್ ವಾಕ್ ಟು ಫ್ರೀಡಮ್" ಎಂಬ ಆತ್ಮಚರಿತ್ರೆಯಲ್ಲಿ ಓದಬಹುದು.

ನೆನಪಿರಲಿ:–

2009ರಲ್ಲಿ ವಿಶ್ವಸಂಸ್ಥೆಯ ಸಾಮಾನ್ಯ ಸಭೆಯಲ್ಲಿ ನೆಲ್ಸನ್ ಮಂಡೇಲಾ ಅವರು ಹುಟ್ಟಿದ ದಿನವಾದ ಜುಲೈ 18ಅನ್ನು ನೆಲ್ಸನ್ ಮಂಡೇಲಾ ಇಂಟರ್ ನ್ಯಾಷನಲ್ ಡೇಯನ್ನಾಗಿ ಆಚರಿಸಬೇಕೆಂದು ಘೋಷಿಸಲಾಯಿತು.

2010 ಜುಲೈ 18ರಂದು ವಿಶ್ವಸಂಸ್ಥೆ ಮೊದಲ ಬಾರಿಗೆ ಈ ದಿನವನ್ನು ಆಚರಿಸಲಾಯಿತು. ಅಂತರರಾಷ್ಟ್ರೀಯ ಮಟ್ಟದಲ್ಲಿ ಅವರ ಕೊಡುಗೆಯನ್ನು ಗುರುತಿಸಿ, ಭಾರತ ಸರ್ಕಾರವು ಮಂಡೇಲಾ ಅವರಿಗೆ 1979 ರಲ್ಲಿ ಅಂತರರಾಷ್ಟ್ರೀಯ ತಿಳುವಳಿಕೆಗಾಗಿ ಜವಾಹರಲಾಲ್ ನೆಹರು ಪ್ರಶಸ್ತಿಯನ್ನು ನೀಡಿತು.

ಭಾರತವು 1990ರಲ್ಲಿ ಅವರಿಗೆ ಭಾರತ ರತ್ನ ಪ್ರಶಸ್ತಿ ನೀಡಿತು.
